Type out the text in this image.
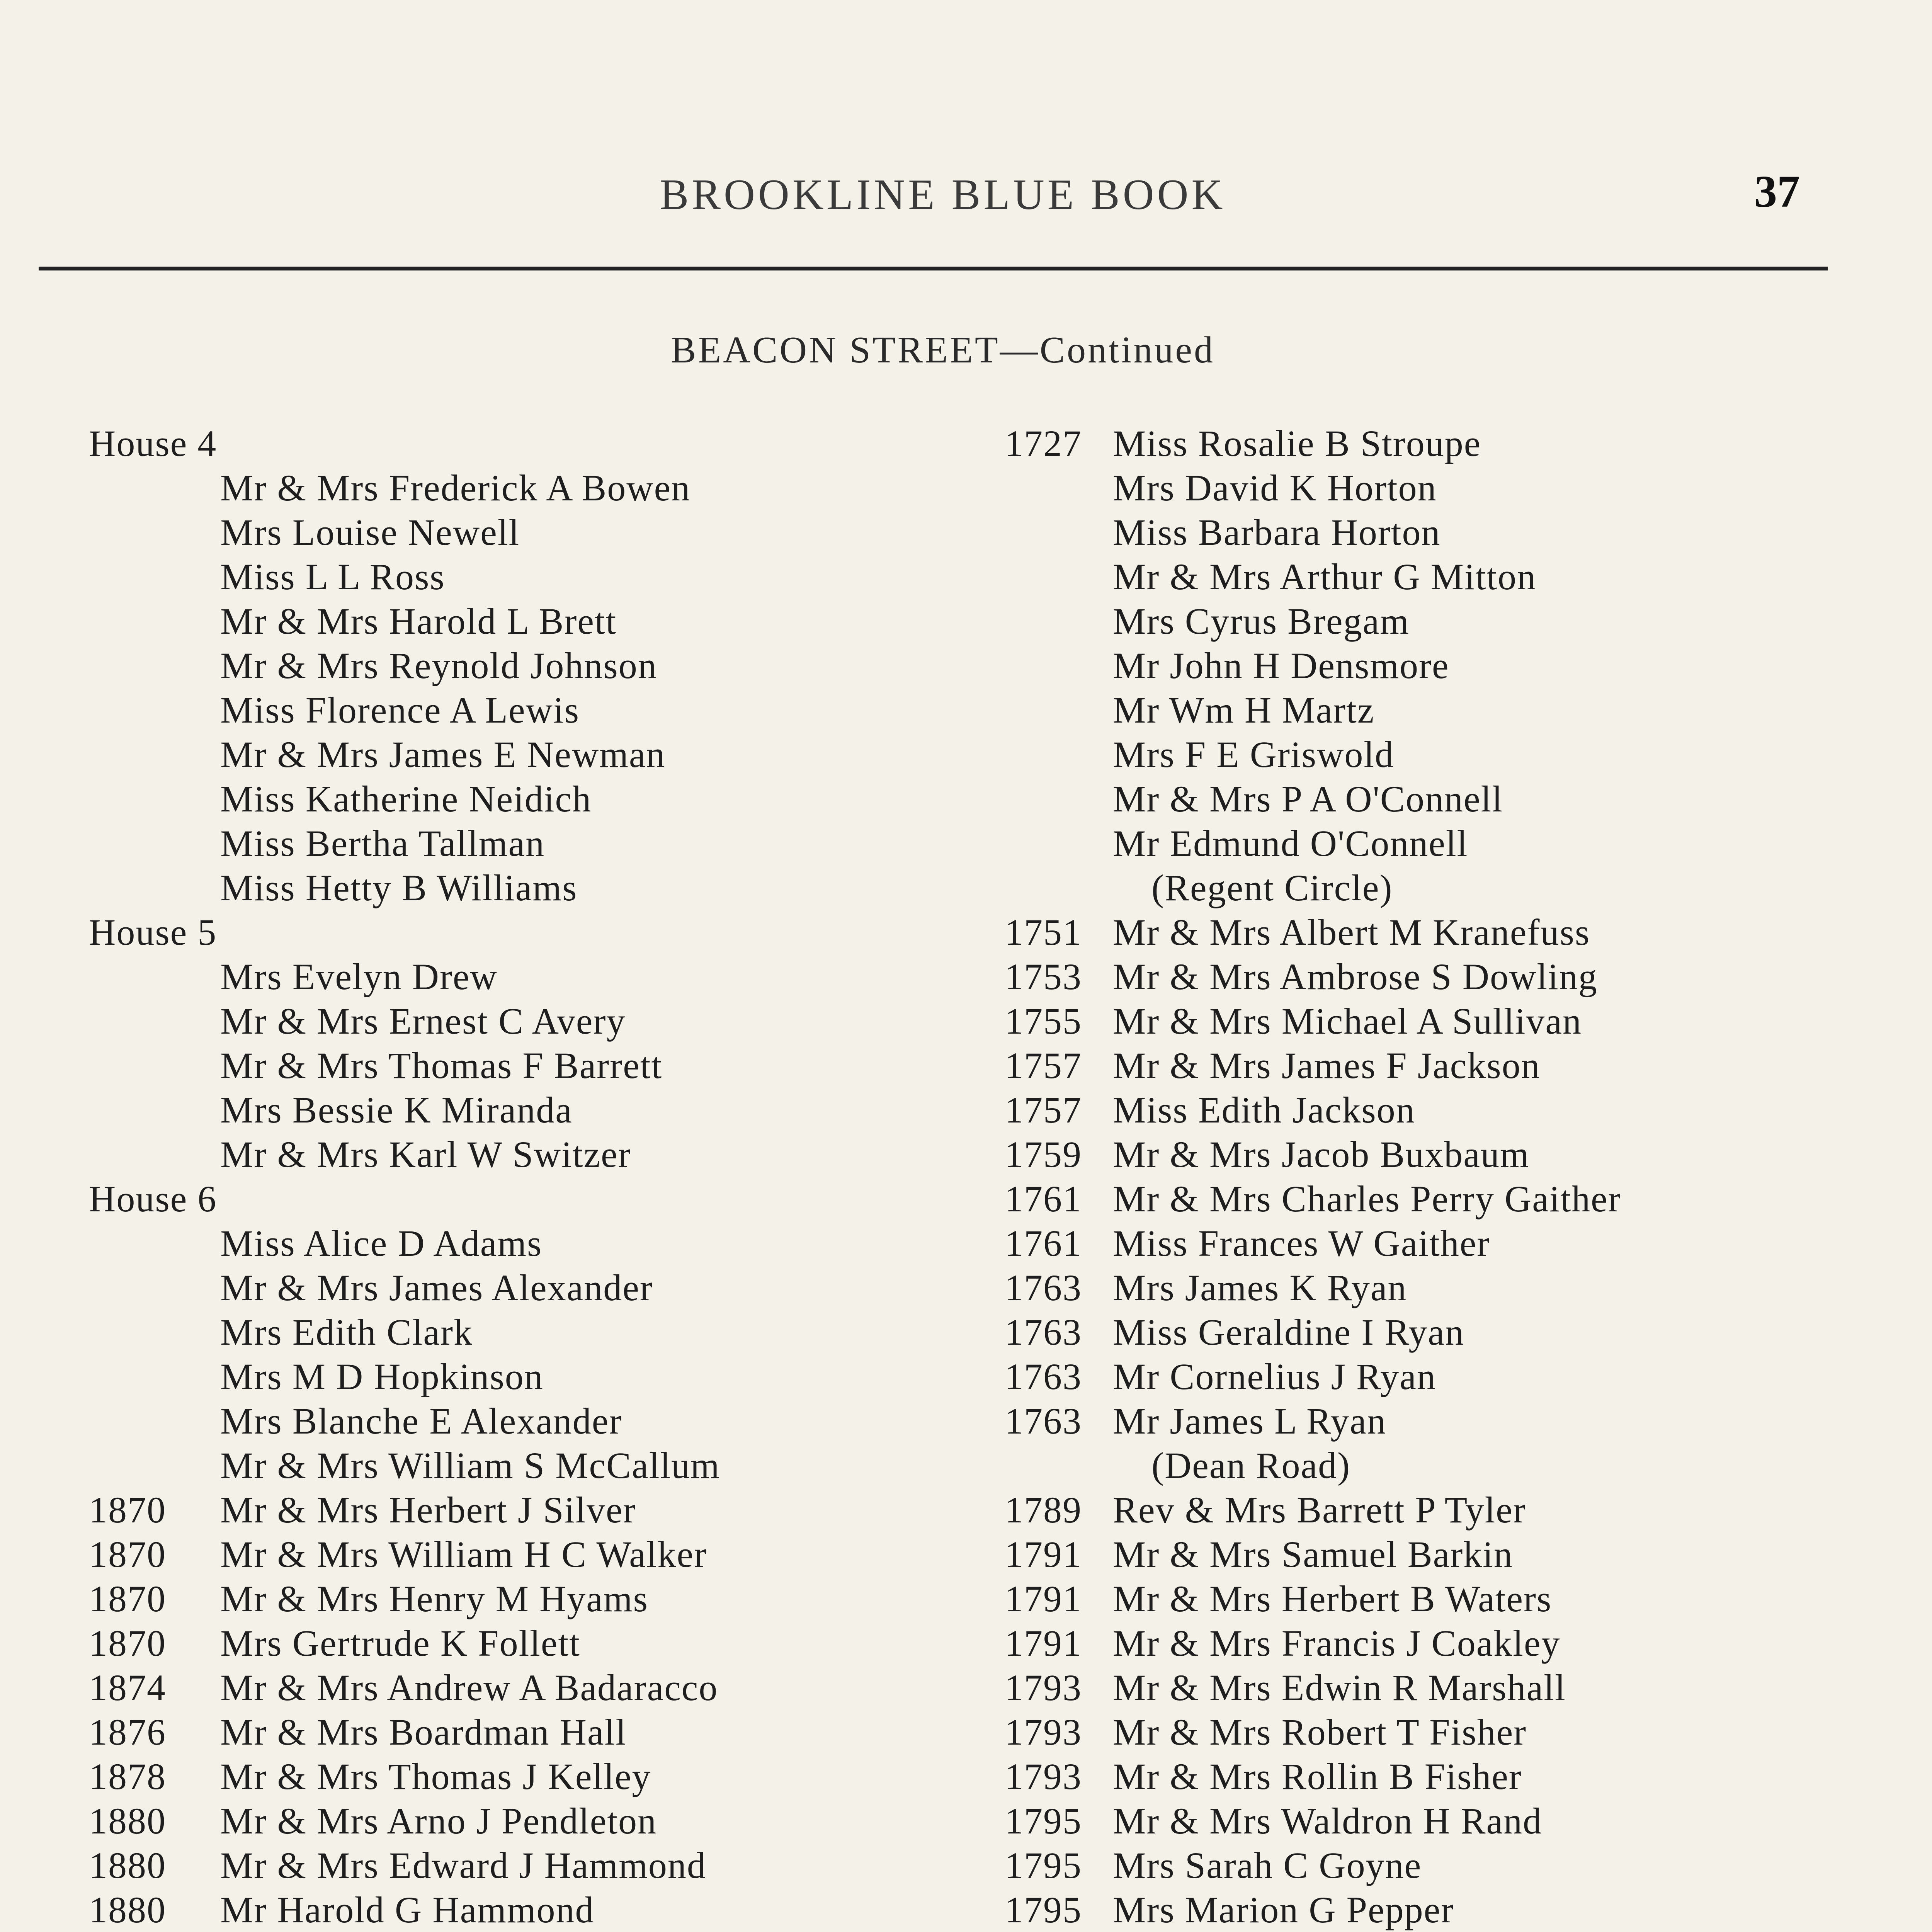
BROOKLINE BLUE BOOK	37
BEACON STREET—Continued
House 4
Mr & Mrs Frederick A Bowen
Mrs Louise Newell
Miss L L Ross
Mr & Mrs Harold L Brett
Mr & Mrs Reynold Johnson
Miss Florence A Lewis
Mr & Mrs James E Newman
Miss Katherine Neidich
Miss Bertha Tallman
Miss Hetty B Williams
House 5
Mrs Evelyn Drew
Mr & Mrs Ernest C Avery
Mr & Mrs Thomas F Barrett
Mrs Bessie K Miranda
Mr & Mrs Karl W Switzer
House 6
Miss Alice D Adams
Mr & Mrs James Alexander
Mrs Edith Clark
Mrs M D Hopkinson
Mrs Blanche E Alexander
Mr & Mrs William S McCallum
1870	Mr & Mrs Herbert J Silver
1870	Mr & Mrs William H C Walker
1870	Mr & Mrs Henry M Hyams
1870	Mrs Gertrude K Follett
1874	Mr & Mrs Andrew A Badaracco
1876	Mr & Mrs Boardman Hall
1878	Mr & Mrs Thomas J Kelley
1880	Mr & Mrs Arno J Pendleton
1880	Mr & Mrs Edward J Hammond
1880	Mr Harold G Hammond
1727 Miss Rosalie B Stroupe
Mrs David K Horton
Miss Barbara Horton
Mr & Mrs Arthur G Mitton
Mrs Cyrus Bregam
Mr John H Densmore
Mr Wm H Martz
Mrs F E Griswold
Mr & Mrs P A O'Connell
Mr Edmund O'Connell
(Regent Circle)
1751 Mr & Mrs Albert M Kranefuss
1753 Mr & Mrs Ambrose S Dowling
1755 Mr & Mrs Michael A Sullivan
1757 Mr & Mrs James F Jackson
1757 Miss Edith Jackson
1759 Mr & Mrs Jacob Buxbaum
1761 Mr & Mrs Charles Perry Gaither
1761 Miss Frances W Gaither
1763 Mrs James K Ryan
1763 Miss Geraldine I Ryan
1763 Mr Cornelius J Ryan
1763 Mr James L Ryan
(Dean Road)
1789 Rev & Mrs Barrett P Tyler
1791 Mr & Mrs Samuel Barkin
1791 Mr & Mrs Herbert B Waters
1791 Mr & Mrs Francis J Coakley
1793 Mr & Mrs Edwin R Marshall
1793 Mr & Mrs Robert T Fisher
1793 Mr & Mrs Rollin B Fisher
1795 Mr & Mrs Waldron H Rand
1795 Mrs Sarah C Goyne
1795 Mrs Marion G Pepper
